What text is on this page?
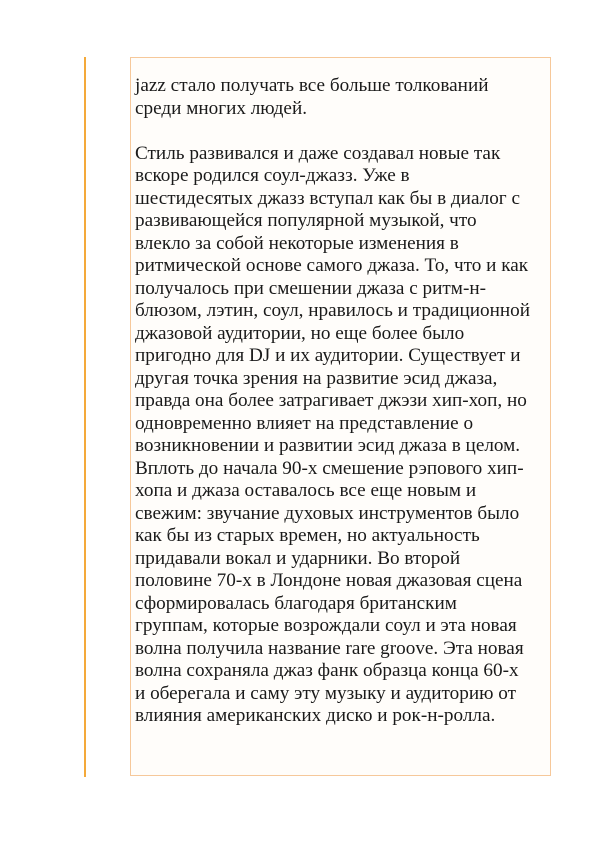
jazz стало получать все больше толкований
среди многих людей.
Стиль развивался и даже создавал новые так
вскоре родился соул-джазз. Уже в
шестидесятых джазз вступал как бы в диалог с
развивающейся популярной музыкой, что
влекло за собой некоторые изменения в
ритмической основе самого джаза. То, что и как
получалось при смешении джаза с ритм-н-
блюзом, лэтин, соул, нравилось и традиционной
джазовой аудитории, но еще более было
пригодно для DJ и их аудитории. Существует и
другая точка зрения на развитие эсид джаза,
правда она более затрагивает джэзи хип-хоп, но
одновременно влияет на представление о
возникновении и развитии эсид джаза в целом.
Вплоть до начала 90-х смешение рэпового хип-
хопа и джаза оставалось все еще новым и
свежим: звучание духовых инструментов было
как бы из старых времен, но актуальность
придавали вокал и ударники. Во второй
половине 70-х в Лондоне новая джазовая сцена
сформировалась благодаря британским
группам, которые возрождали соул и эта новая
волна получила название rare groove. Эта новая
волна сохраняла джаз фанк образца конца 60-х
и оберегала и саму эту музыку и аудиторию от
влияния американских диско и рок-н-ролла.
